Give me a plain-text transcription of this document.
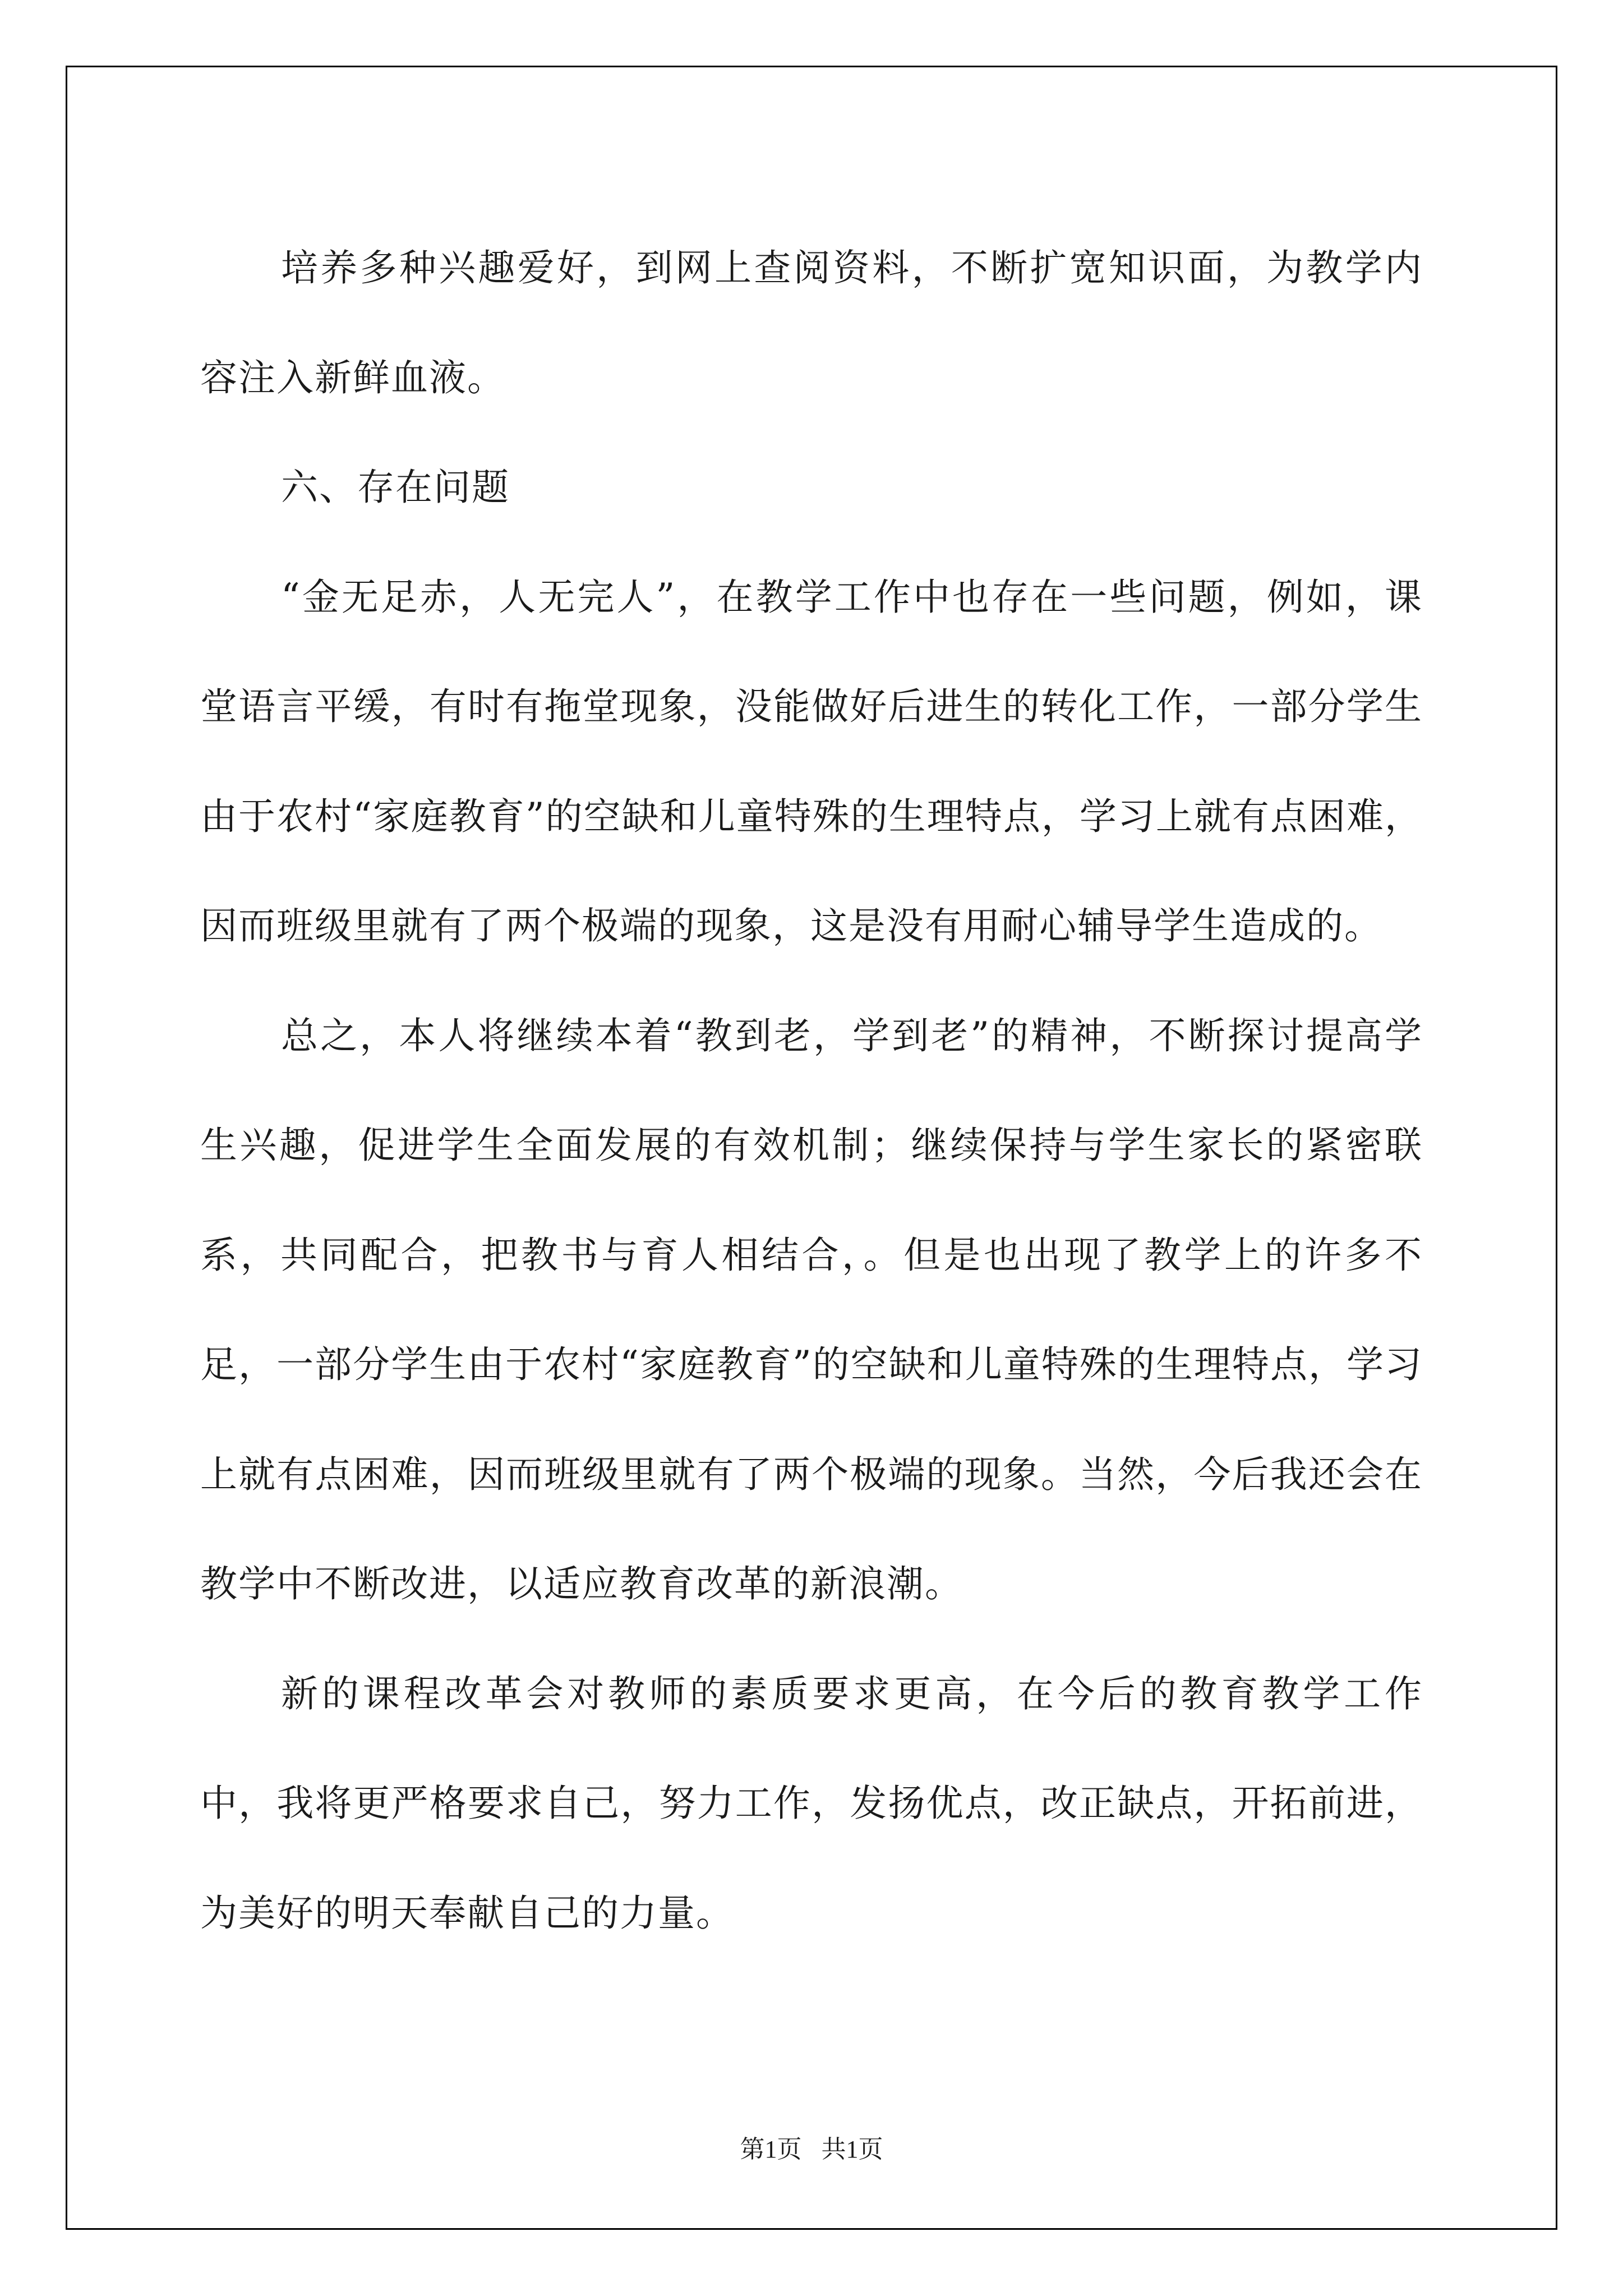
培养多种兴趣爱好，到网上查阅资料，不断扩宽知识面，为教学内容注入新鲜血液。

六、存在问题

“金无足赤，人无完人”，在教学工作中也存在一些问题，例如，课堂语言平缓，有时有拖堂现象，没能做好后进生的转化工作，一部分学生由于农村“家庭教育”的空缺和儿童特殊的生理特点，学习上就有点困难，因而班级里就有了两个极端的现象，这是没有用耐心辅导学生造成的。

总之，本人将继续本着“教到老，学到老”的精神，不断探讨提高学生兴趣，促进学生全面发展的有效机制；继续保持与学生家长的紧密联系，共同配合，把教书与育人相结合，。但是也出现了教学上的许多不足，一部分学生由于农村“家庭教育”的空缺和儿童特殊的生理特点，学习上就有点困难，因而班级里就有了两个极端的现象。当然，今后我还会在教学中不断改进，以适应教育改革的新浪潮。

新的课程改革会对教师的素质要求更高，在今后的教育教学工作中，我将更严格要求自己，努力工作，发扬优点，改正缺点，开拓前进，为美好的明天奉献自己的力量。

第1页 共1页
